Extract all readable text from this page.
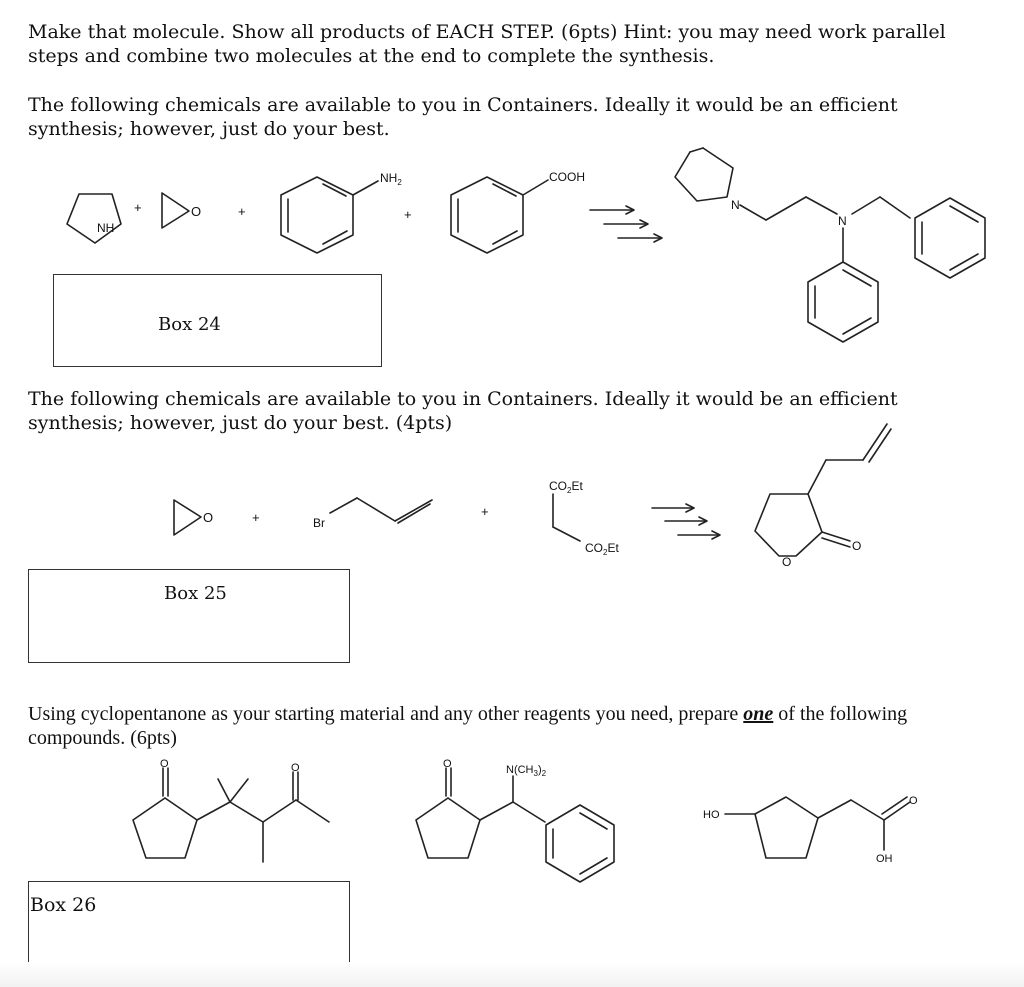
Make that molecule. Show all products of EACH STEP. (6pts) Hint: you may need work parallel steps and combine two molecules at the end to complete the synthesis.

The following chemicals are available to you in Containers. Ideally it would be an efficient synthesis; however, just do your best.

Box 24

The following chemicals are available to you in Containers. Ideally it would be an efficient synthesis; however, just do your best. (4pts)

Box 25

Using cyclopentanone as your starting material and any other reagents you need, prepare one of the following compounds. (6pts)

Box 26
NH
+	O	+
$NH_2$
+
COOH
N
N
O	+	Br
+
$CO_2Et$
$CO_2Et$
O
O
O	O	O	$N(CH_3)_2$
HO
O
OH
